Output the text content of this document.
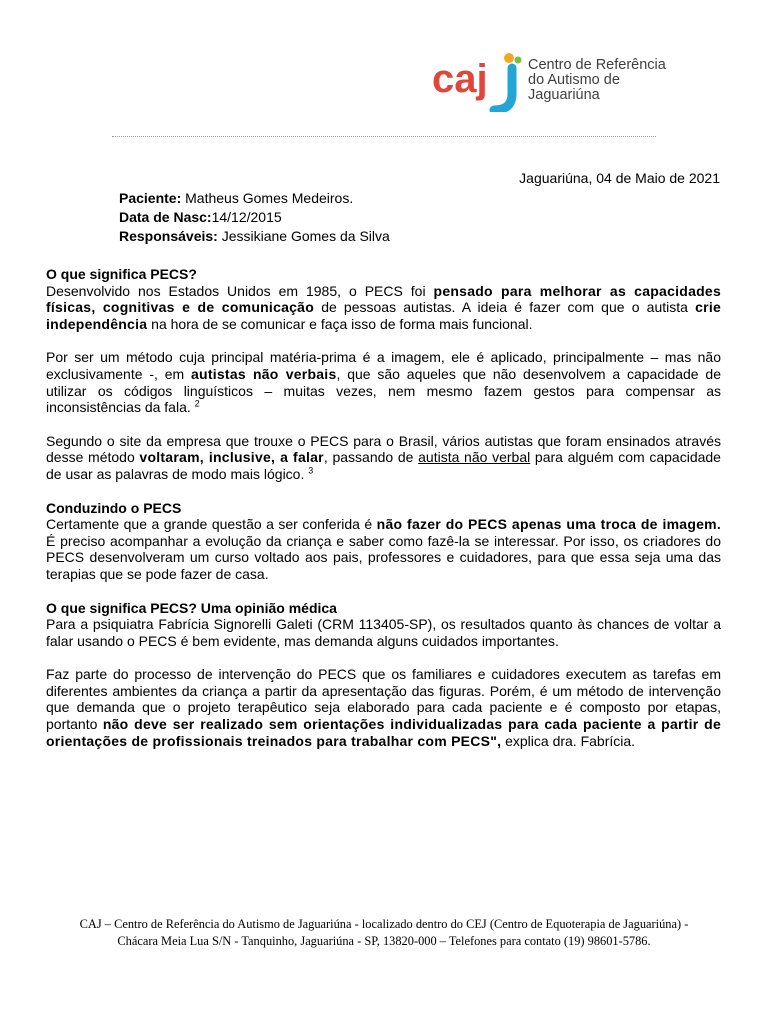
caj	Centro de Referência
do Autismo de
Jaguariúna
Jaguariúna, 04 de Maio de 2021
Paciente: Matheus Gomes Medeiros.
Data de Nasc:14/12/2015
Responsáveis: Jessikiane Gomes da Silva
O que significa PECS?

Desenvolvido nos Estados Unidos em 1985, o PECS foi pensado para melhorar as capacidades físicas, cognitivas e de comunicação de pessoas autistas. A ideia é fazer com que o autista crie independência na hora de se comunicar e faça isso de forma mais funcional.

Por ser um método cuja principal matéria-prima é a imagem, ele é aplicado, principalmente – mas não exclusivamente -, em autistas não verbais, que são aqueles que não desenvolvem a capacidade de utilizar os códigos linguísticos – muitas vezes, nem mesmo fazem gestos para compensar as inconsistências da fala. $^2$

Segundo o site da empresa que trouxe o PECS para o Brasil, vários autistas que foram ensinados através desse método voltaram, inclusive, a falar, passando de autista não verbal para alguém com capacidade de usar as palavras de modo mais lógico. $^3$

Conduzindo o PECS

Certamente que a grande questão a ser conferida é não fazer do PECS apenas uma troca de imagem. É preciso acompanhar a evolução da criança e saber como fazê-la se interessar. Por isso, os criadores do PECS desenvolveram um curso voltado aos pais, professores e cuidadores, para que essa seja uma das terapias que se pode fazer de casa.

O que significa PECS? Uma opinião médica

Para a psiquiatra Fabrícia Signorelli Galeti (CRM 113405-SP), os resultados quanto às chances de voltar a falar usando o PECS é bem evidente, mas demanda alguns cuidados importantes.

Faz parte do processo de intervenção do PECS que os familiares e cuidadores executem as tarefas em diferentes ambientes da criança a partir da apresentação das figuras. Porém, é um método de intervenção que demanda que o projeto terapêutico seja elaborado para cada paciente e é composto por etapas, portanto não deve ser realizado sem orientações individualizadas para cada paciente a partir de orientações de profissionais treinados para trabalhar com PECS", explica dra. Fabrícia.

CAJ – Centro de Referência do Autismo de Jaguariúna - localizado dentro do CEJ (Centro de Equoterapia de Jaguariúna) - Chácara Meia Lua S/N - Tanquinho, Jaguariúna - SP, 13820-000 – Telefones para contato (19) 98601-5786.
